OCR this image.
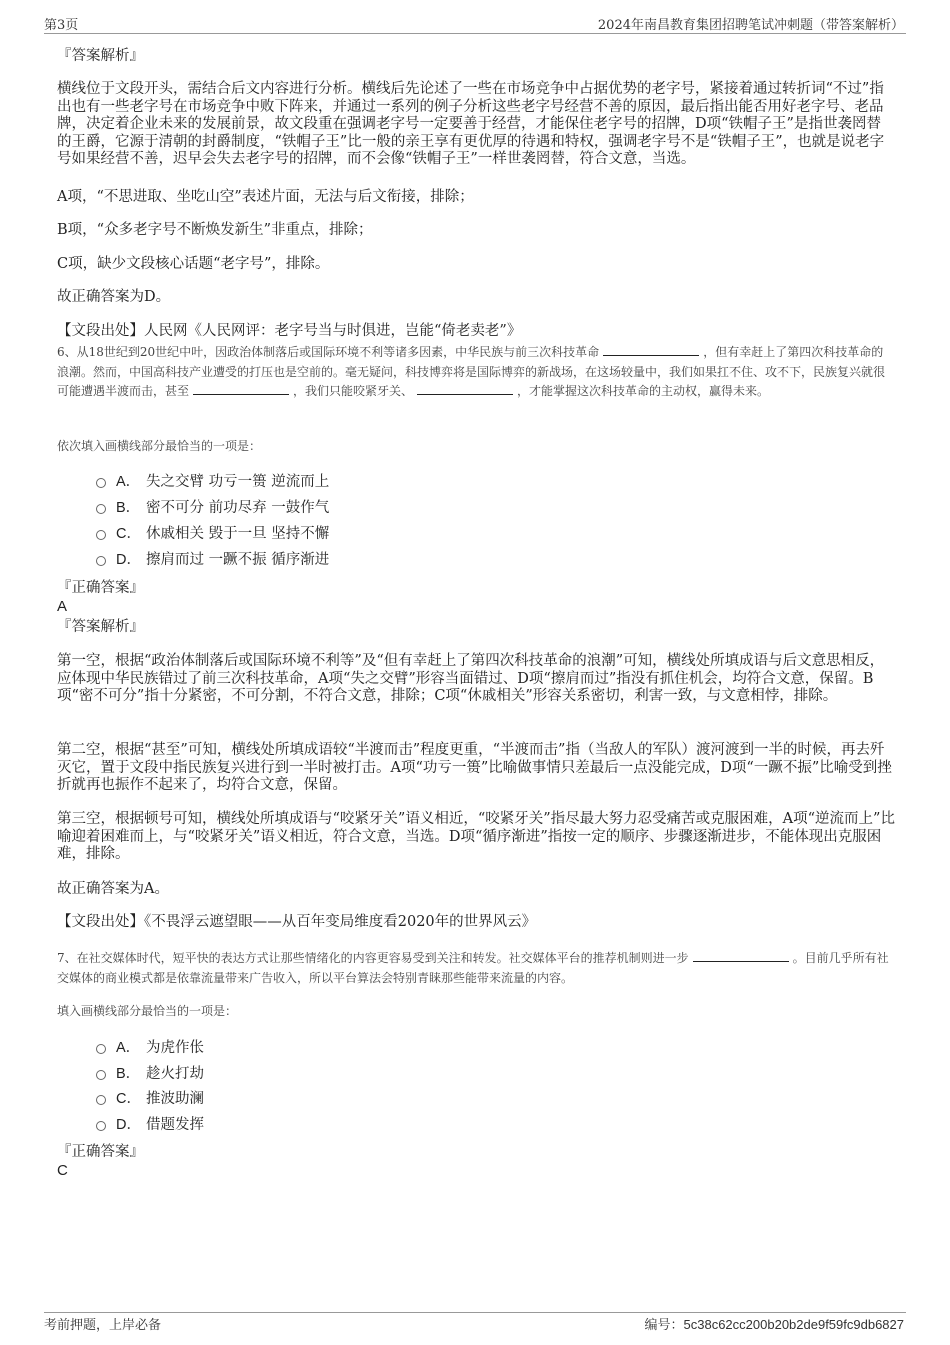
第3页	2024年南昌教育集团招聘笔试冲刺题（带答案解析）
『答案解析』
横线位于文段开头，需结合后文内容进行分析。横线后先论述了一些在市场竞争中占据优势的老字号，紧接着通过转折词“不过”指出也有一些老字号在市场竞争中败下阵来，并通过一系列的例子分析这些老字号经营不善的原因，最后指出能否用好老字号、老品牌，决定着企业未来的发展前景，故文段重在强调老字号一定要善于经营，才能保住老字号的招牌，D项“铁帽子王”是指世袭罔替的王爵，它源于清朝的封爵制度，“铁帽子王”比一般的亲王享有更优厚的待遇和特权，强调老字号不是“铁帽子王”，也就是说老字号如果经营不善，迟早会失去老字号的招牌，而不会像“铁帽子王”一样世袭罔替，符合文意，当选。
A项，“不思进取、坐吃山空”表述片面，无法与后文衔接，排除；
B项，“众多老字号不断焕发新生”非重点，排除；
C项，缺少文段核心话题“老字号”，排除。
故正确答案为D。
【文段出处】人民网《人民网评：老字号当与时俱进，岂能“倚老卖老”》
6、从18世纪到20世纪中叶，因政治体制落后或国际环境不利等诸多因素，中华民族与前三次科技革命	，但有幸赶上了第四次科技革命的浪潮。然而，中国高科技产业遭受的打压也是空前的。毫无疑问，科技博弈将是国际博弈的新战场，在这场较量中，我们如果扛不住、攻不下，民族复兴就很可能遭遇半渡而击，甚至	，我们只能咬紧牙关、	，才能掌握这次科技革命的主动权，赢得未来。
依次填入画横线部分最恰当的一项是：
A． 失之交臂 功亏一篑 逆流而上
B． 密不可分 前功尽弃 一鼓作气
C． 休戚相关 毁于一旦 坚持不懈
D． 擦肩而过 一蹶不振 循序渐进
『正确答案』
A
『答案解析』
第一空，根据“政治体制落后或国际环境不利等”及“但有幸赶上了第四次科技革命的浪潮”可知，横线处所填成语与后文意思相反，应体现中华民族错过了前三次科技革命，A项“失之交臂”形容当面错过、D项“擦肩而过”指没有抓住机会，均符合文意，保留。B项“密不可分”指十分紧密，不可分割，不符合文意，排除；C项“休戚相关”形容关系密切，利害一致，与文意相悖，排除。
第二空，根据“甚至”可知，横线处所填成语较“半渡而击”程度更重，“半渡而击”指（当敌人的军队）渡河渡到一半的时候，再去歼灭它，置于文段中指民族复兴进行到一半时被打击。A项“功亏一篑”比喻做事情只差最后一点没能完成，D项“一蹶不振”比喻受到挫折就再也振作不起来了，均符合文意，保留。
第三空，根据顿号可知，横线处所填成语与“咬紧牙关”语义相近，“咬紧牙关”指尽最大努力忍受痛苦或克服困难，A项“逆流而上”比喻迎着困难而上，与“咬紧牙关”语义相近，符合文意，当选。D项“循序渐进”指按一定的顺序、步骤逐渐进步，不能体现出克服困难，排除。
故正确答案为A。
【文段出处】《不畏浮云遮望眼——从百年变局维度看2020年的世界风云》
7、在社交媒体时代，短平快的表达方式让那些情绪化的内容更容易受到关注和转发。社交媒体平台的推荐机制则进一步	。目前几乎所有社交媒体的商业模式都是依靠流量带来广告收入，所以平台算法会特别青睐那些能带来流量的内容。
填入画横线部分最恰当的一项是：
A． 为虎作伥
B． 趁火打劫
C． 推波助澜
D． 借题发挥
『正确答案』
C
考前押题，上岸必备	编号：5c38c62cc200b20b2de9f59fc9db6827
